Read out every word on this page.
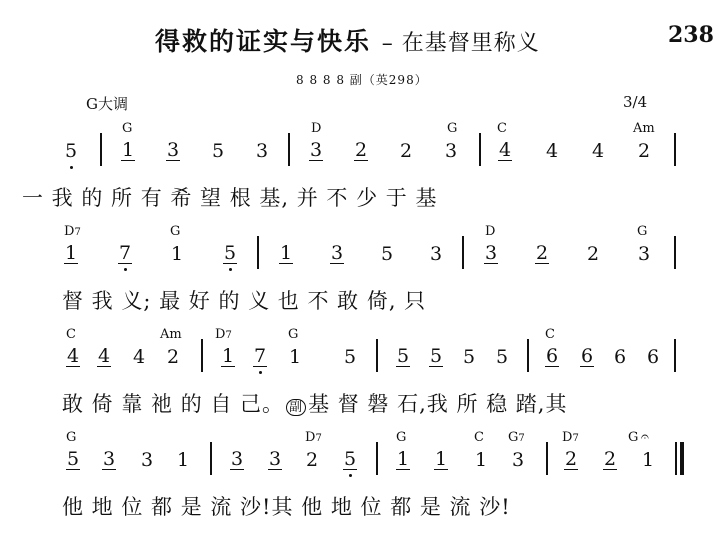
得救的证实与快乐 – 在基督里称义	238
8 8 8 8 副（英298）
G大调	3/4
G	D	G	C	Am
5 1 3 5 3 3 2 2 3 4 4 4 2
一 我 的 所 有 希 望 根 基, 并 不 少 于 基
D7	G	D	G
1 7 1 5 1 3 5 3 3 2 2 3
督 我 义; 最 好 的 义 也 不 敢 倚, 只
C	Am	D7	G	C
4 4 4 2 1 7 1 5 5 5 5 5 6 6 6 6
敢 倚 靠 祂 的 自 己。 副 基 督 磐 石,我 所 稳 踏,其
G	D7	G	C G7	D7	G
5 3 3 1 3 3 2 5 1 1 1 3 2 2 1
𝄐
他 地 位 都 是 流 沙!其 他 地 位 都 是 流 沙!
